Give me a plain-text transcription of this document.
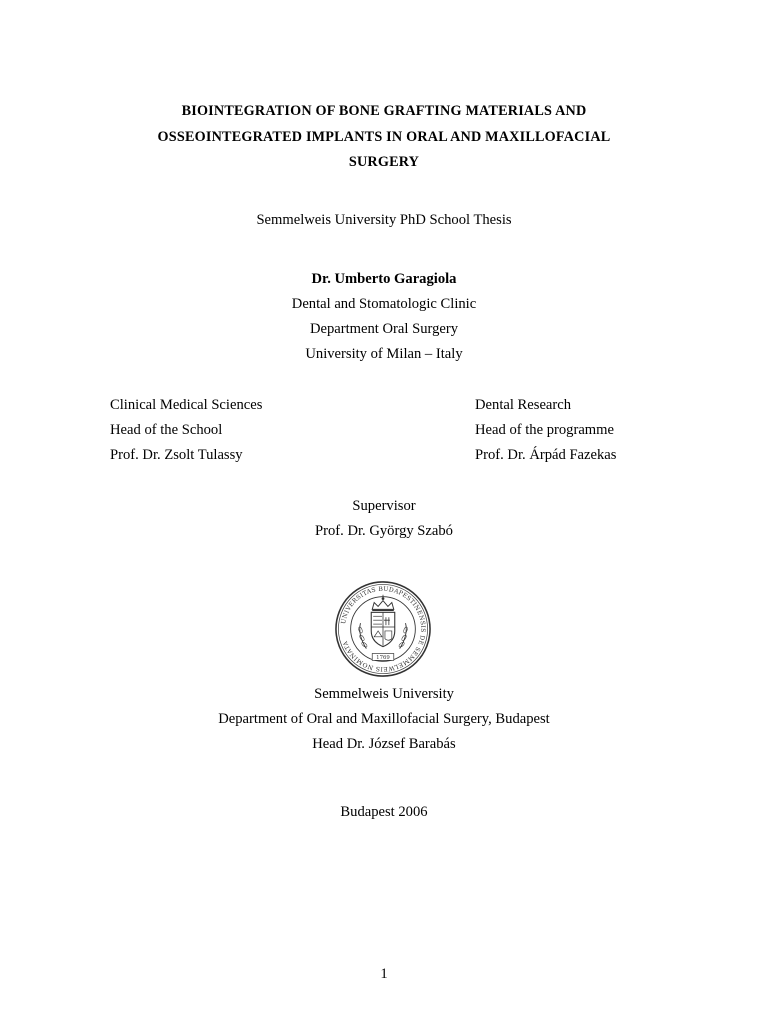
BIOINTEGRATION OF BONE GRAFTING MATERIALS AND
OSSEOINTEGRATED IMPLANTS IN ORAL AND MAXILLOFACIAL
SURGERY
Semmelweis University PhD School Thesis
Dr. Umberto Garagiola
Dental and Stomatologic Clinic
Department Oral Surgery
University of Milan – Italy
Clinical Medical Sciences
Head of the School
Prof. Dr. Zsolt Tulassy
Dental Research
Head of the programme
Prof. Dr. Árpád Fazekas
Supervisor
Prof. Dr. György Szabó
UNIVERSITAS BUDAPESTINENSIS DE SEMMELWEIS NOMINATA
1769
Semmelweis University
Department of Oral and Maxillofacial Surgery, Budapest
Head Dr. József Barabás
Budapest 2006
1
